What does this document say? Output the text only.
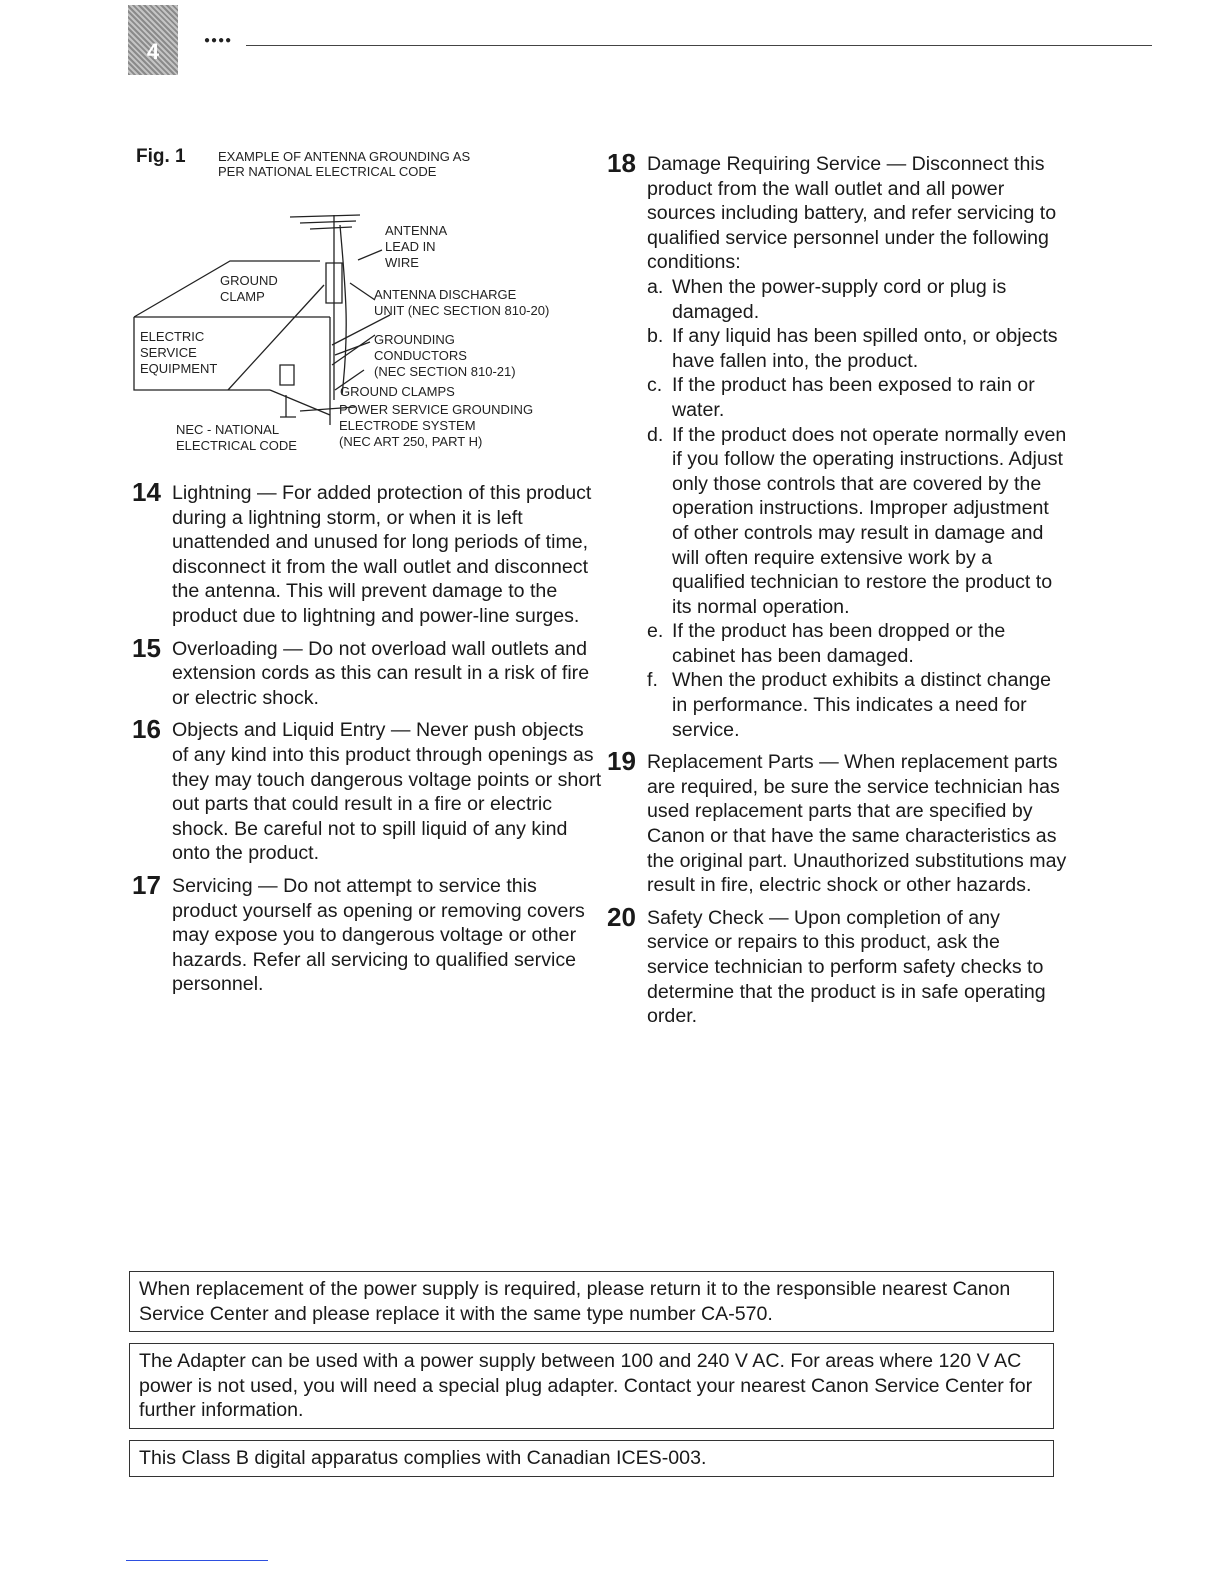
4	●●●●
Fig. 1 EXAMPLE OF ANTENNA GROUNDING AS
PER NATIONAL ELECTRICAL CODE
ANTENNA
LEAD IN
WIRE
GROUND
CLAMP	ANTENNA DISCHARGE
UNIT (NEC SECTION 810-20)
ELECTRIC
SERVICE
EQUIPMENT
GROUNDING
CONDUCTORS
(NEC SECTION 810-21)
GROUND CLAMPS
POWER SERVICE GROUNDING
ELECTRODE SYSTEM
(NEC ART 250, PART H)
NEC - NATIONAL
ELECTRICAL CODE
14 Lightning — For added protection of this product during a lightning storm, or when it is left unattended and unused for long periods of time, disconnect it from the wall outlet and disconnect the antenna. This will prevent damage to the product due to lightning and power-line surges.

15 Overloading — Do not overload wall outlets and extension cords as this can result in a risk of fire or electric shock.

16 Objects and Liquid Entry — Never push objects of any kind into this product through openings as they may touch dangerous voltage points or short out parts that could result in a fire or electric shock. Be careful not to spill liquid of any kind onto the product.

17 Servicing — Do not attempt to service this product yourself as opening or removing covers may expose you to dangerous voltage or other hazards. Refer all servicing to qualified service personnel.

18 Damage Requiring Service — Disconnect this product from the wall outlet and all power sources including battery, and refer servicing to qualified service personnel under the following conditions:

a. When the power-supply cord or plug is damaged.
b. If any liquid has been spilled onto, or objects have fallen into, the product.
c. If the product has been exposed to rain or water.
d. If the product does not operate normally even if you follow the operating instructions. Adjust only those controls that are covered by the operation instructions. Improper adjustment of other controls may result in damage and will often require extensive work by a qualified technician to restore the product to its normal operation.
e. If the product has been dropped or the cabinet has been damaged.
f. When the product exhibits a distinct change in performance. This indicates a need for service.
19 Replacement Parts — When replacement parts are required, be sure the service technician has used replacement parts that are specified by Canon or that have the same characteristics as the original part. Unauthorized substitutions may result in fire, electric shock or other hazards.

20 Safety Check — Upon completion of any service or repairs to this product, ask the service technician to perform safety checks to determine that the product is in safe operating order.

When replacement of the power supply is required, please return it to the responsible nearest Canon Service Center and please replace it with the same type number CA-570.
The Adapter can be used with a power supply between 100 and 240 V AC. For areas where 120 V AC power is not used, you will need a special plug adapter. Contact your nearest Canon Service Center for further information.
This Class B digital apparatus complies with Canadian ICES-003.
